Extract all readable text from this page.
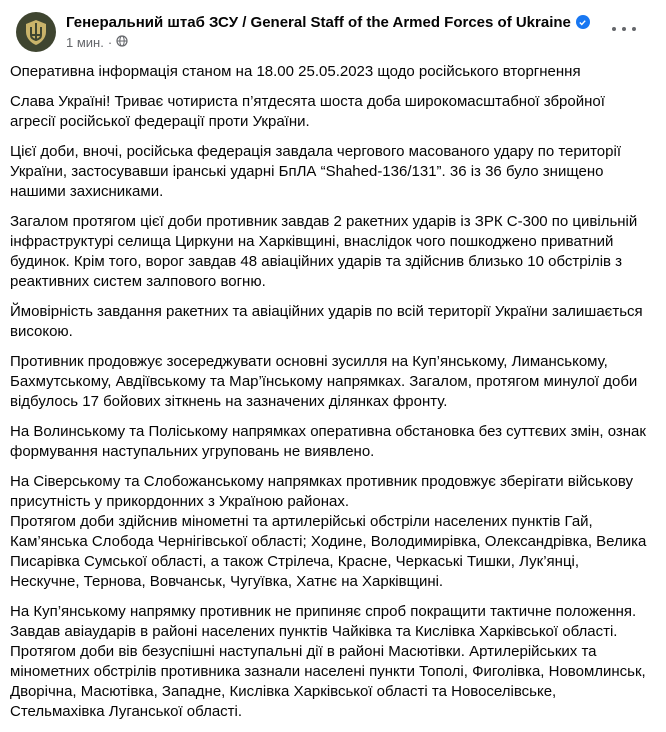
Генеральний штаб ЗСУ / General Staff of the Armed Forces of Ukraine
1 мин. ·

Оперативна інформація станом на 18.00 25.05.2023 щодо російського вторгнення

Слава Україні! Триває чотириста п’ятдесята шоста доба широкомасштабної збройної агресії російської федерації проти України.

Цієї доби, вночі, російська федерація завдала чергового масованого удару по території України, застосувавши іранські ударні БпЛА “Shahed-136/131”. 36 із 36 було знищено нашими захисниками.

Загалом протягом цієї доби противник завдав 2 ракетних ударів із ЗРК С-300 по цивільній інфраструктурі селища Циркуни на Харківщині, внаслідок чого пошкоджено приватний будинок. Крім того, ворог завдав 48 авіаційних ударів та здійснив близько 10 обстрілів з реактивних систем залпового вогню.

Ймовірність завдання ракетних та авіаційних ударів по всій території України залишається високою.

Противник продовжує зосереджувати основні зусилля на Куп’янському, Лиманському, Бахмутському, Авдіївському та Мар’їнському напрямках. Загалом, протягом минулої доби відбулось 17 бойових зіткнень на зазначених ділянках фронту.

На Волинському та Поліському напрямках оперативна обстановка без суттєвих змін, ознак формування наступальних угруповань не виявлено.

На Сіверському та Слобожанському напрямках противник продовжує зберігати військову присутність у прикордонних з Україною районах.

Протягом доби здійснив мінометні та артилерійські обстріли населених пунктів Гай, Кам’янська Слобода Чернігівської області; Ходине, Володимирівка, Олександрівка, Велика Писарівка Сумської області, а також Стрілеча, Красне, Черкаські Тишки, Лук’янці, Нескучне, Тернова, Вовчанськ, Чугуївка, Хатнє на Харківщині.

На Куп’янському напрямку противник не припиняє спроб покращити тактичне положення. Завдав авіаударів в районі населених пунктів Чайківка та Кислівка Харківської області. Протягом доби вів безуспішні наступальні дії в районі Масютівки. Артилерійських та мінометних обстрілів противника зазнали населені пункти Тополі, Фиголівка, Новомлинськ, Дворічна, Масютівка, Западне, Кислівка Харківської області та Новоселівське, Стельмахівка Луганської області.
